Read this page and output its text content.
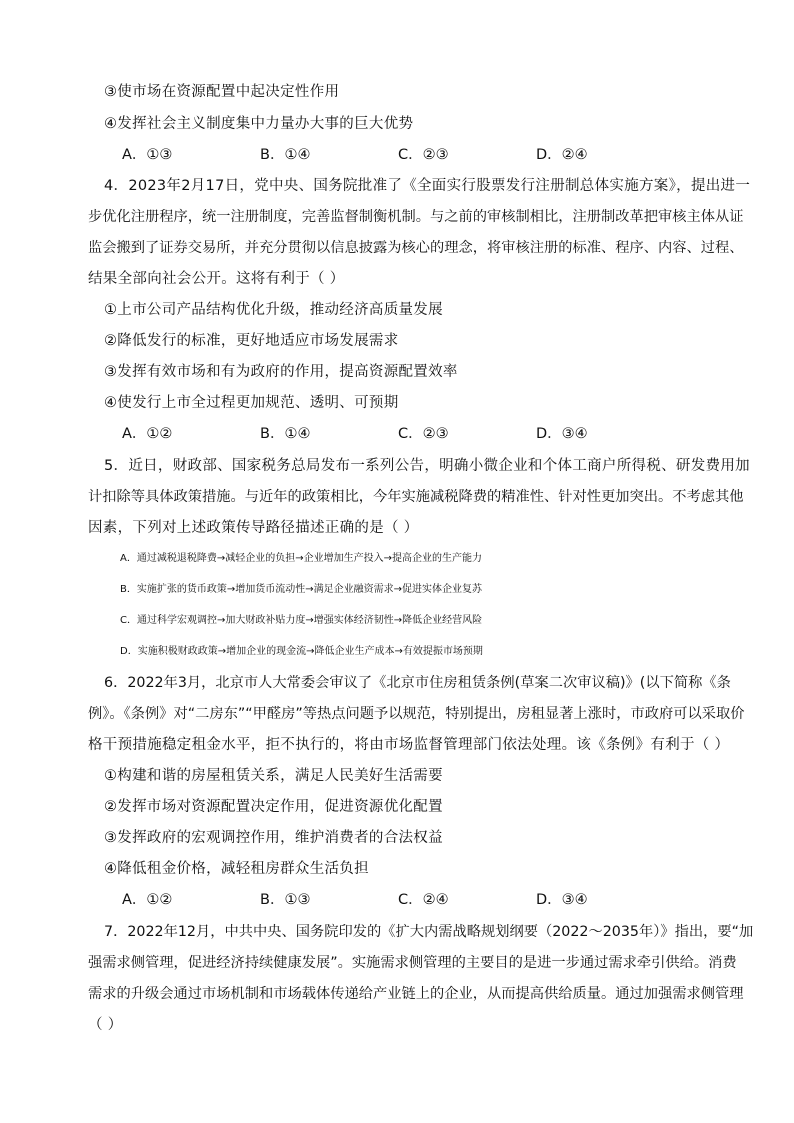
③使市场在资源配置中起决定性作用
④发挥社会主义制度集中力量办大事的巨大优势
A．①③	B．①④	C．②③	D．②④
4．2023年2月17日，党中央、国务院批准了《全面实行股票发行注册制总体实施方案》，提出进一
步优化注册程序，统一注册制度，完善监督制衡机制。与之前的审核制相比，注册制改革把审核主体从证
监会搬到了证券交易所，并充分贯彻以信息披露为核心的理念，将审核注册的标准、程序、内容、过程、
结果全部向社会公开。这将有利于（ ）
①上市公司产品结构优化升级，推动经济高质量发展
②降低发行的标准，更好地适应市场发展需求
③发挥有效市场和有为政府的作用，提高资源配置效率
④使发行上市全过程更加规范、透明、可预期
A．①②	B．①④	C．②③	D．③④
5．近日，财政部、国家税务总局发布一系列公告，明确小微企业和个体工商户所得税、研发费用加
计扣除等具体政策措施。与近年的政策相比，今年实施减税降费的精准性、针对性更加突出。不考虑其他
因素，下列对上述政策传导路径描述正确的是（ ）
A．通过减税退税降费→减轻企业的负担→企业增加生产投入→提高企业的生产能力
B．实施扩张的货币政策→增加货币流动性→满足企业融资需求→促进实体企业复苏
C．通过科学宏观调控→加大财政补贴力度→增强实体经济韧性→降低企业经营风险
D．实施积极财政政策→增加企业的现金流→降低企业生产成本→有效提振市场预期
6．2022年3月，北京市人大常委会审议了《北京市住房租赁条例(草案二次审议稿)》(以下简称《条
例》。《条例》对“二房东”“甲醛房”等热点问题予以规范，特别提出，房租显著上涨时，市政府可以采取价
格干预措施稳定租金水平，拒不执行的，将由市场监督管理部门依法处理。该《条例》有利于（ ）
①构建和谐的房屋租赁关系，满足人民美好生活需要
②发挥市场对资源配置决定作用，促进资源优化配置
③发挥政府的宏观调控作用，维护消费者的合法权益
④降低租金价格，减轻租房群众生活负担
A．①②	B．①③	C．②④	D．③④
7．2022年12月，中共中央、国务院印发的《扩大内需战略规划纲要（2022～2035年）》指出，要“加
强需求侧管理，促进经济持续健康发展”。实施需求侧管理的主要目的是进一步通过需求牵引供给。消费
需求的升级会通过市场机制和市场载体传递给产业链上的企业，从而提高供给质量。通过加强需求侧管理
（ ）
